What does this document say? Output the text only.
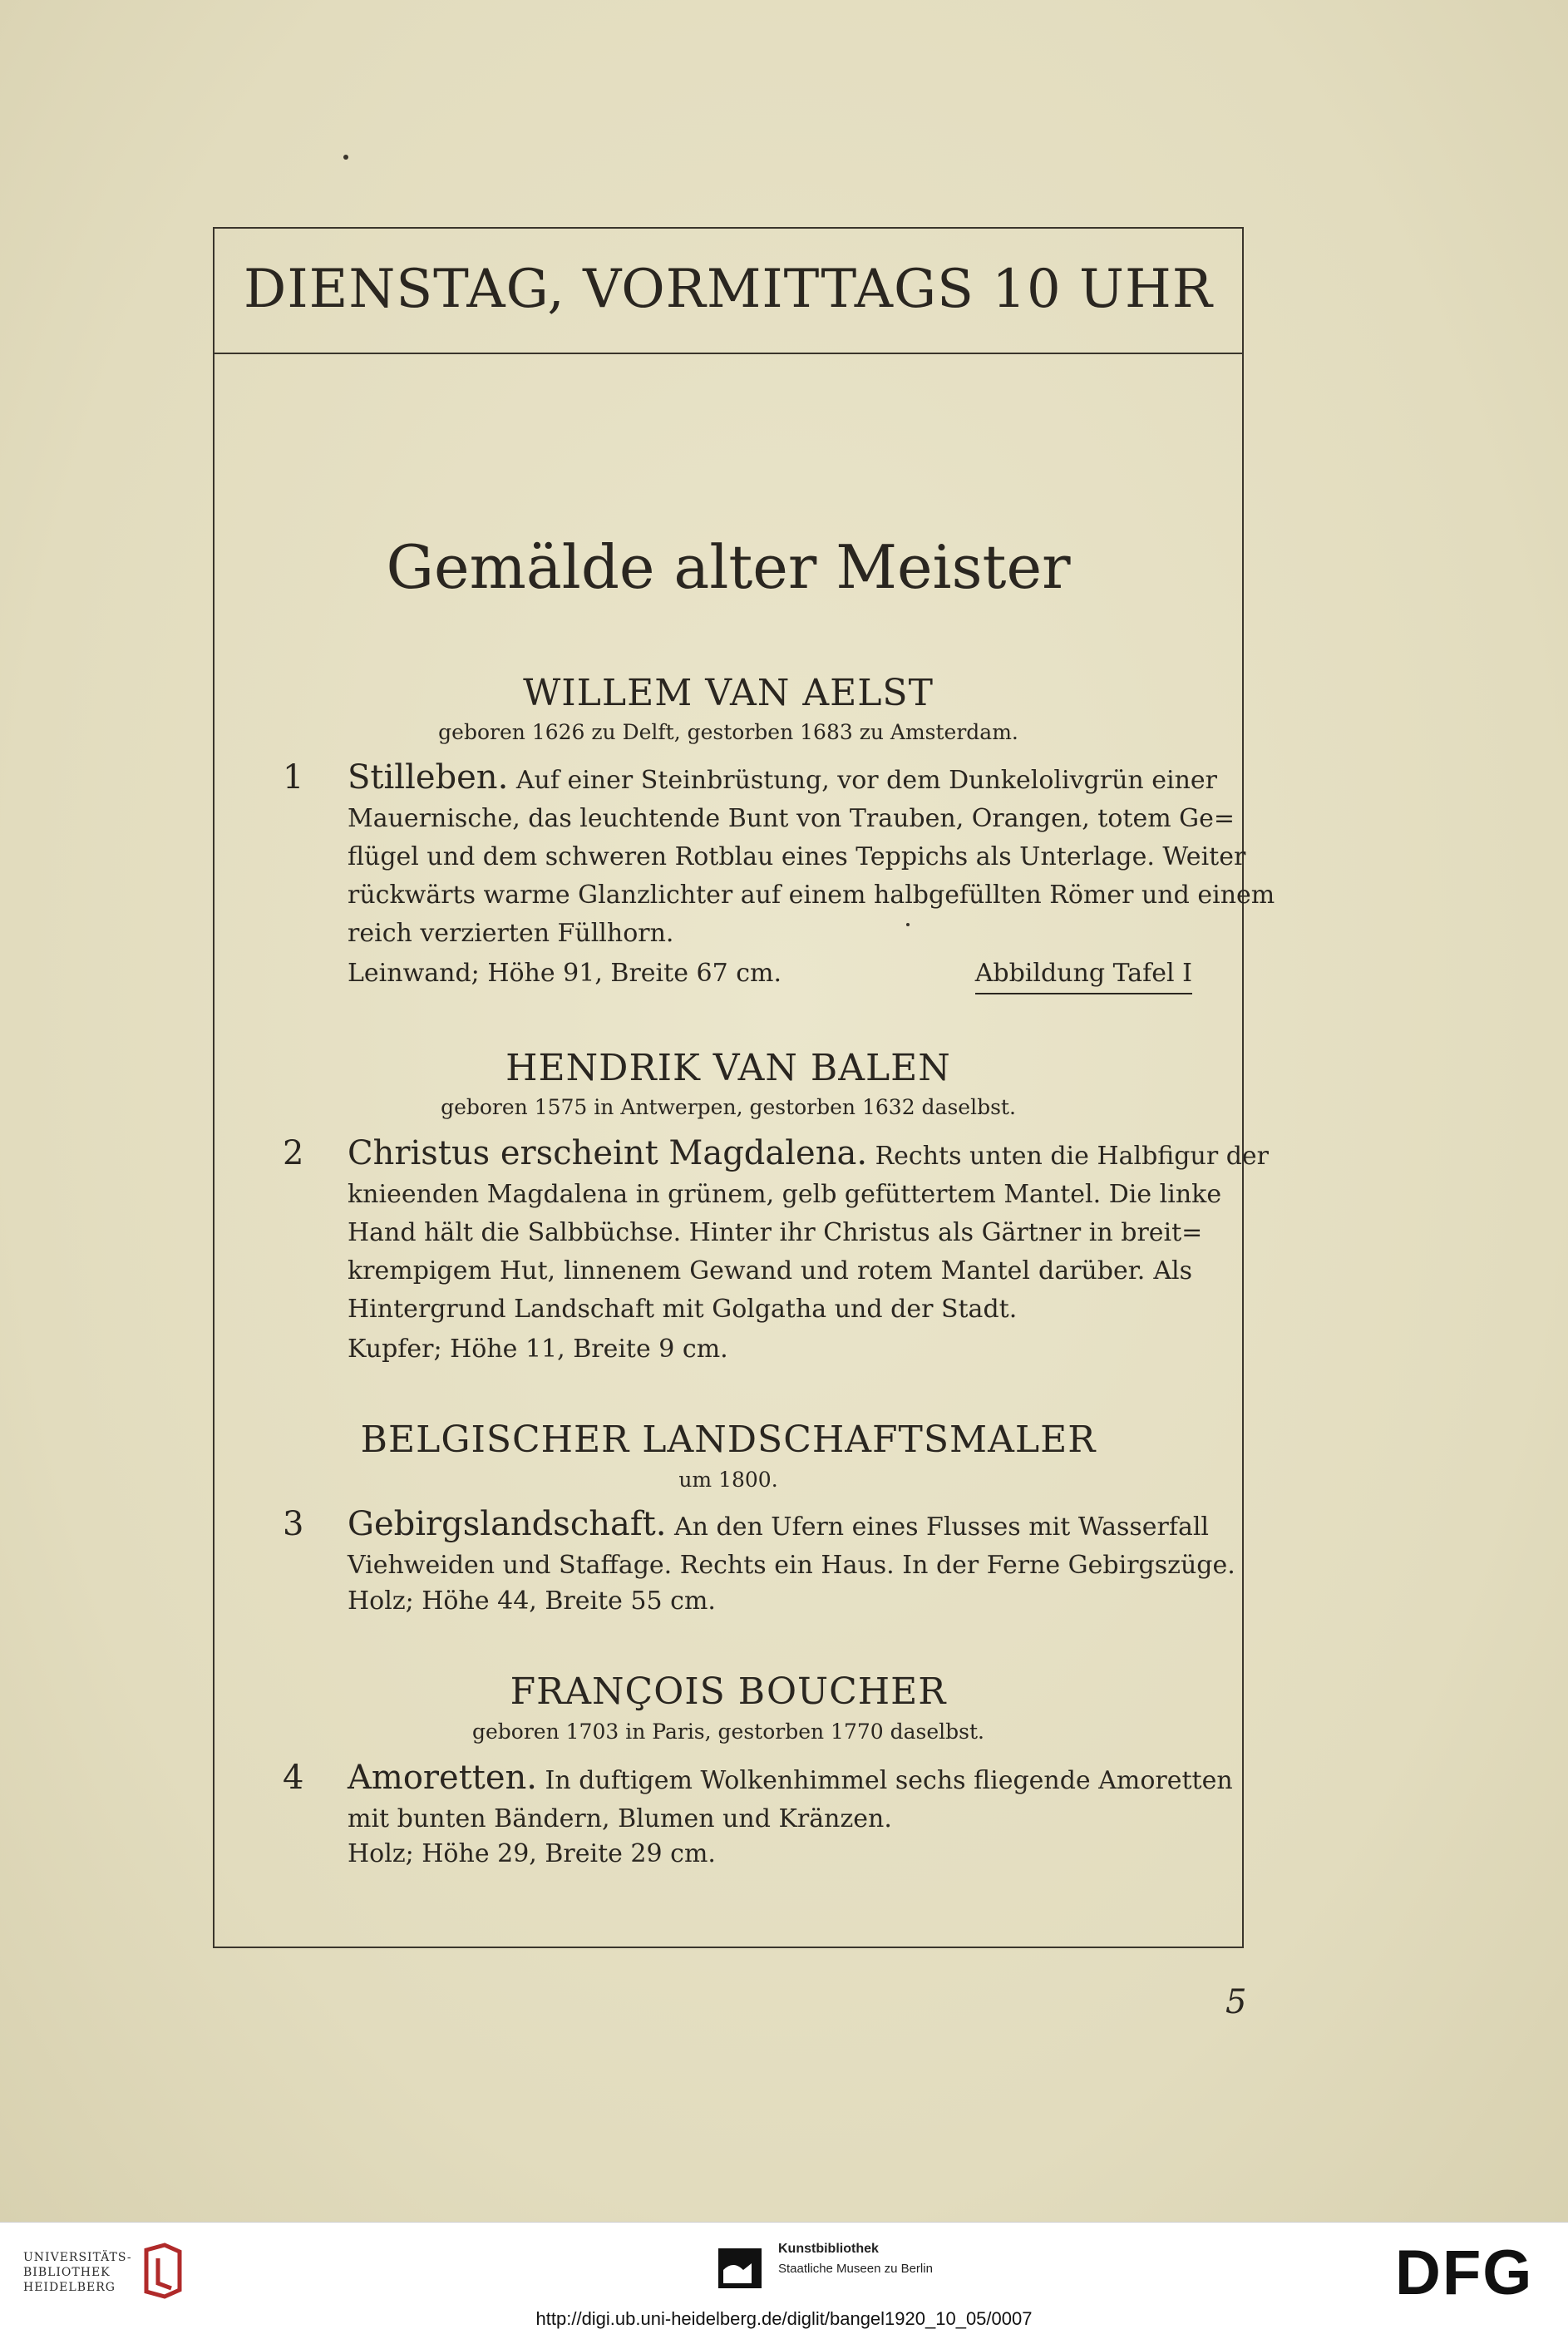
DIENSTAG, VORMITTAGS 10 UHR
Gemälde alter Meister
WILLEM VAN AELST
geboren 1626 zu Delft, gestorben 1683 zu Amsterdam.
1	Stilleben. Auf einer Steinbrüstung, vor dem Dunkelolivgrün einer
Mauernische, das leuchtende Bunt von Trauben, Orangen, totem Ge=
flügel und dem schweren Rotblau eines Teppichs als Unterlage. Weiter
rückwärts warme Glanzlichter auf einem halbgefüllten Römer und einem
reich verzierten Füllhorn.
Leinwand; Höhe 91, Breite 67 cm.	Abbildung Tafel I
HENDRIK VAN BALEN
geboren 1575 in Antwerpen, gestorben 1632 daselbst.
2	Christus erscheint Magdalena. Rechts unten die Halbfigur der
knieenden Magdalena in grünem, gelb gefüttertem Mantel. Die linke
Hand hält die Salbbüchse. Hinter ihr Christus als Gärtner in breit=
krempigem Hut, linnenem Gewand und rotem Mantel darüber. Als
Hintergrund Landschaft mit Golgatha und der Stadt.
Kupfer; Höhe 11, Breite 9 cm.
BELGISCHER LANDSCHAFTSMALER
um 1800.
3	Gebirgslandschaft. An den Ufern eines Flusses mit Wasserfall
Viehweiden und Staffage. Rechts ein Haus. In der Ferne Gebirgszüge.
Holz; Höhe 44, Breite 55 cm.
FRANÇOIS BOUCHER
geboren 1703 in Paris, gestorben 1770 daselbst.
4	Amoretten. In duftigem Wolkenhimmel sechs fliegende Amoretten
mit bunten Bändern, Blumen und Kränzen.
Holz; Höhe 29, Breite 29 cm.
5
UNIVERSITÄTS-
BIBLIOTHEK
HEIDELBERG
Kunstbibliothek
Staatliche Museen zu Berlin	DFG
http://digi.ub.uni-heidelberg.de/diglit/bangel1920_10_05/0007
